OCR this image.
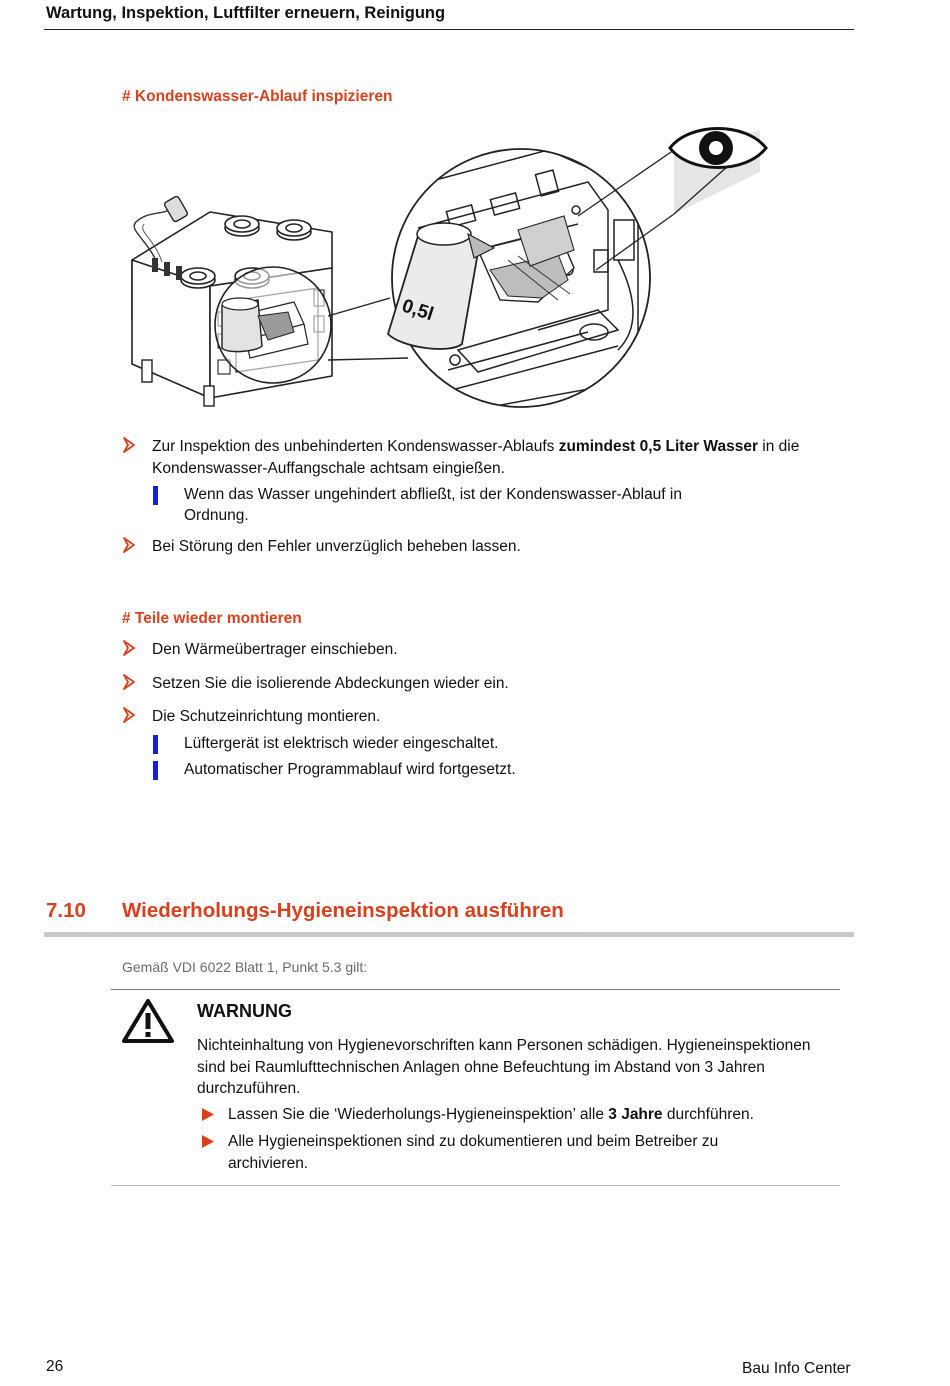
Wartung, Inspektion, Luftfilter erneuern, Reinigung
# Kondenswasser-Ablauf inspizieren
0,5l
Zur Inspektion des unbehinderten Kondenswasser-Ablaufs zumindest 0,5 Liter Wasser in die
Kondenswasser-Auffangschale achtsam eingießen.
Wenn das Wasser ungehindert abfließt, ist der Kondenswasser-Ablauf in
Ordnung.
Bei Störung den Fehler unverzüglich beheben lassen.
# Teile wieder montieren
Den Wärmeübertrager einschieben.
Setzen Sie die isolierende Abdeckungen wieder ein.
Die Schutzeinrichtung montieren.
Lüftergerät ist elektrisch wieder eingeschaltet.
Automatischer Programmablauf wird fortgesetzt.
7.10 Wiederholungs-Hygieneinspektion ausführen
Gemäß VDI 6022 Blatt 1, Punkt 5.3 gilt:
WARNUNG
Nichteinhaltung von Hygienevorschriften kann Personen schädigen. Hygieneinspektionen sind bei Raumlufttechnischen Anlagen ohne Befeuchtung im Abstand von 3 Jahren durchzuführen.
Lassen Sie die ‘Wiederholungs-Hygieneinspektion’ alle 3 Jahre durchführen.
Alle Hygieneinspektionen sind zu dokumentieren und beim Betreiber zu archivieren.
26	Bau Info Center
